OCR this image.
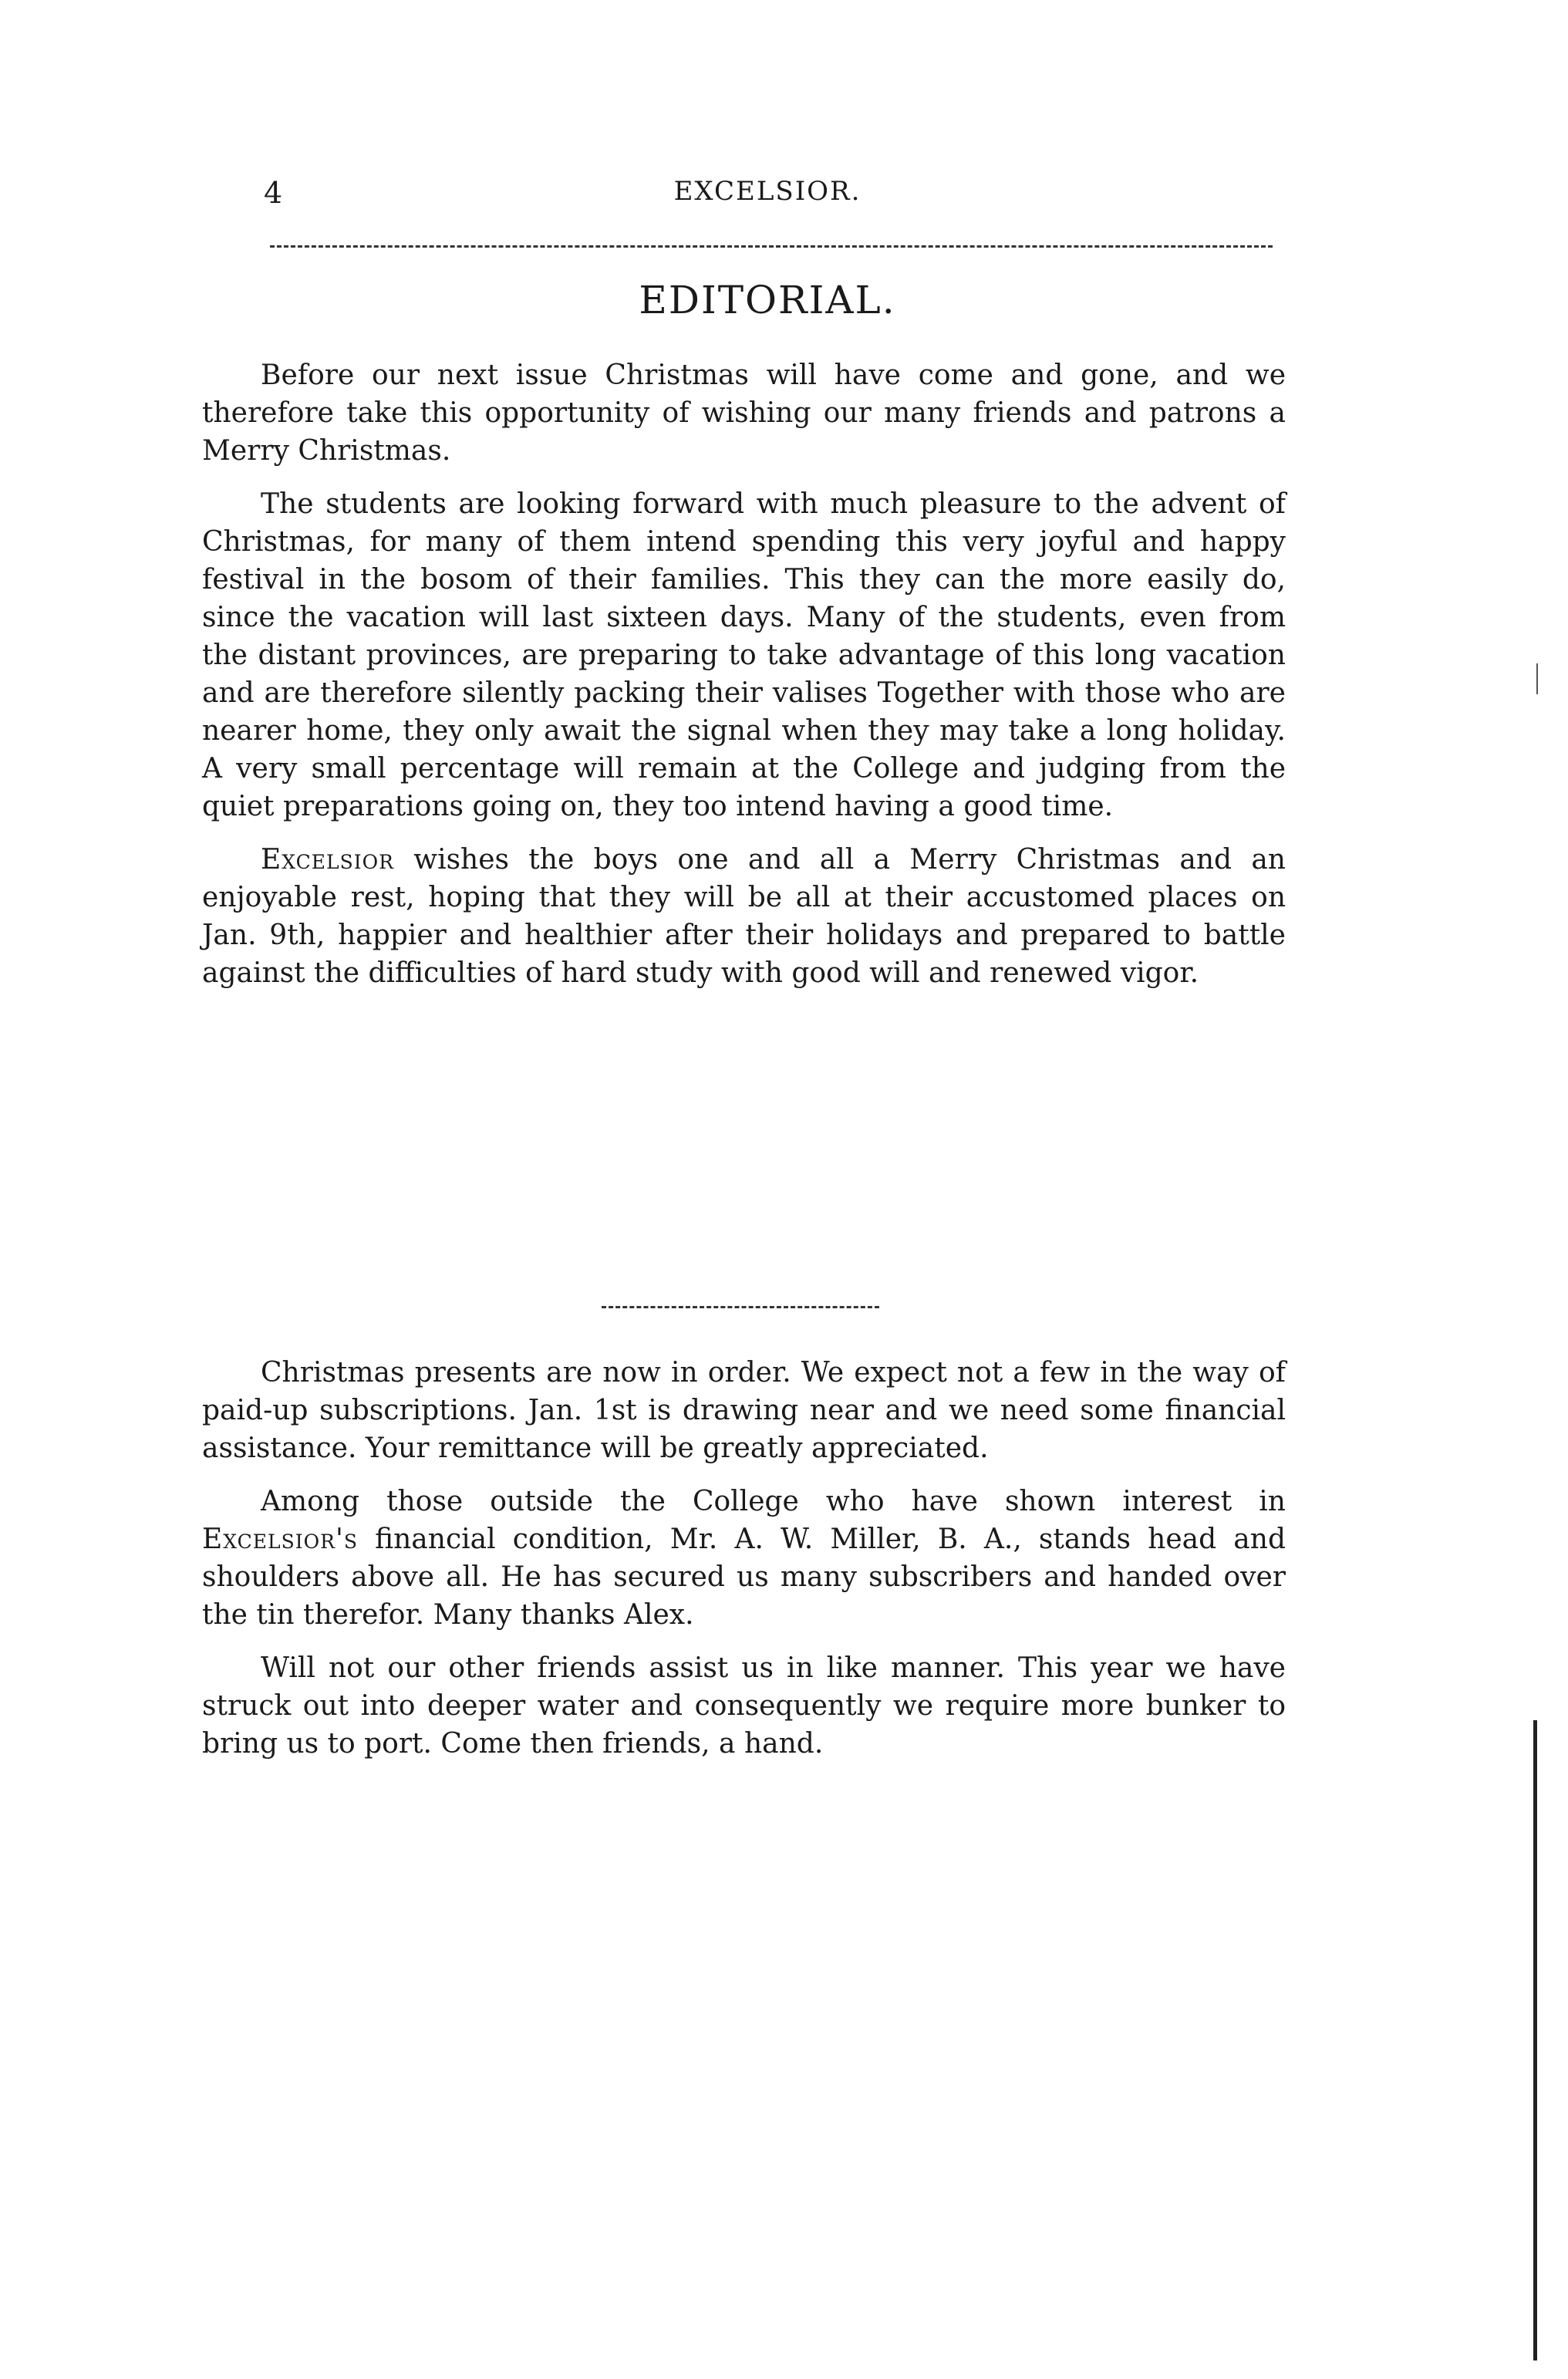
4	EXCELSIOR.
EDITORIAL.

Before our next issue Christmas will have come and gone, and we therefore take this opportunity of wishing our many friends and patrons a Merry Christmas.

The students are looking forward with much pleasure to the advent of Christmas, for many of them intend spending this very joyful and happy festival in the bosom of their families. This they can the more easily do, since the vacation will last sixteen days. Many of the students, even from the distant provinces, are preparing to take advantage of this long vacation and are therefore silently packing their valises Together with those who are nearer home, they only await the signal when they may take a long holiday. A very small percentage will remain at the College and judging from the quiet preparations going on, they too intend having a good time.

Excelsior wishes the boys one and all a Merry Christmas and an enjoyable rest, hoping that they will be all at their accustomed places on Jan. 9th, happier and healthier after their holidays and prepared to battle against the difficulties of hard study with good will and renewed vigor.

Christmas presents are now in order. We expect not a few in the way of paid-up subscriptions. Jan. 1st is drawing near and we need some financial assistance. Your remittance will be greatly appreciated.

Among those outside the College who have shown interest in Excelsior's financial condition, Mr. A. W. Miller, B. A., stands head and shoulders above all. He has secured us many subscribers and handed over the tin therefor. Many thanks Alex.

Will not our other friends assist us in like manner. This year we have struck out into deeper water and consequently we require more bunker to bring us to port. Come then friends, a hand.
